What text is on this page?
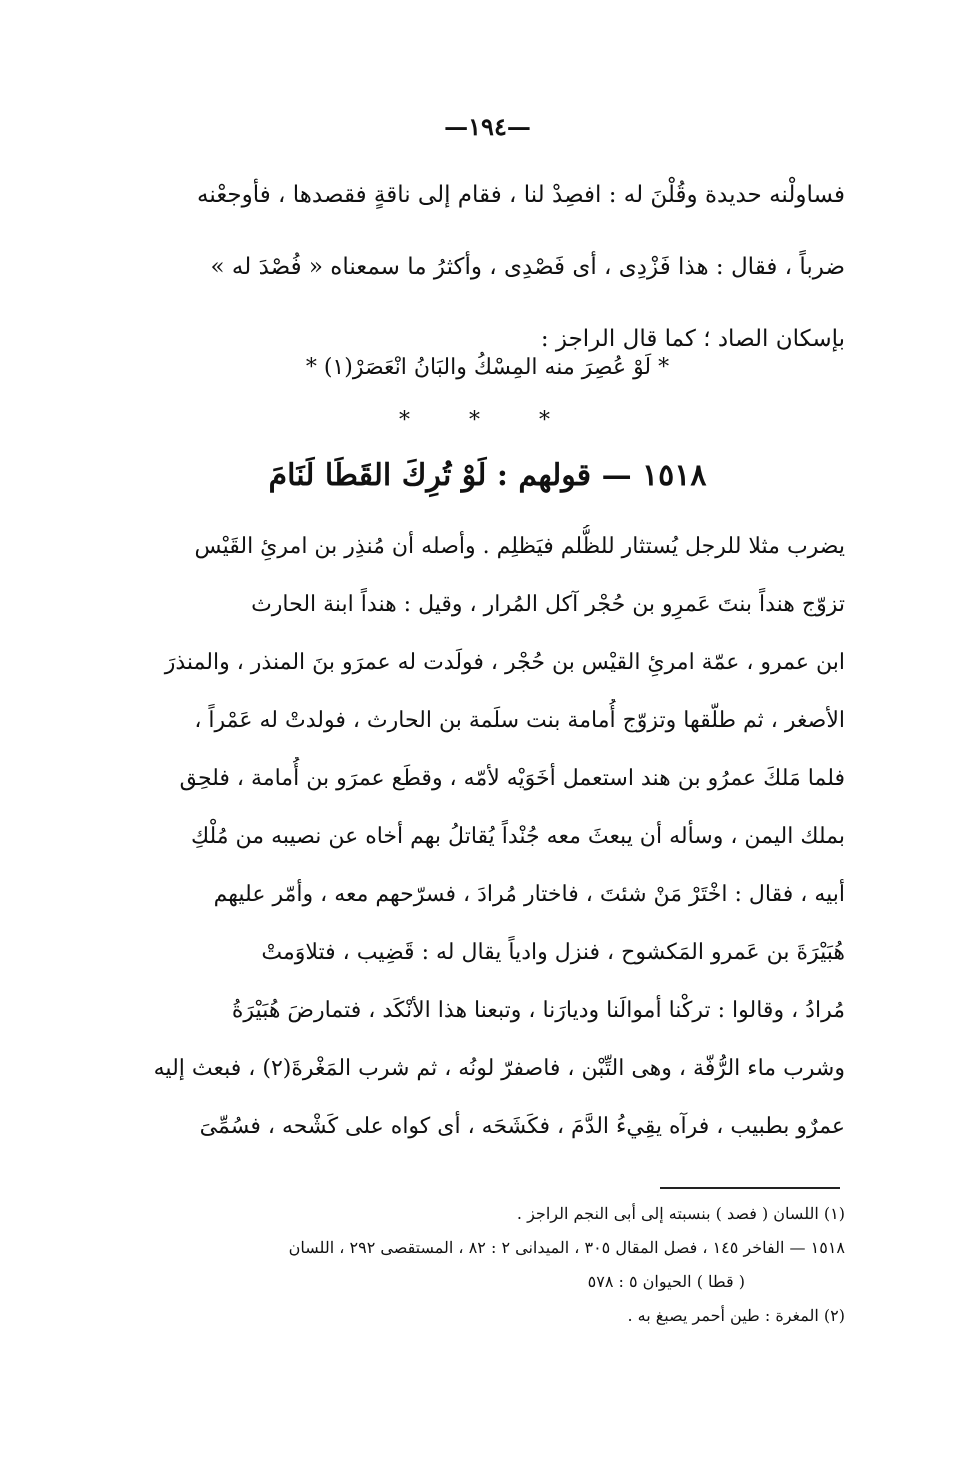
—١٩٤—
فساولْنه حديدة وقُلْنَ له : افصِدْ لنا ، فقام إلى ناقةٍ فقصدها ، فأوجعْنه
ضرباً ، فقال : هذا فَزْدِى ، أى فَصْدِى ، وأكثرُ ما سمعناه « فُصْدَ له »
بإسكان الصاد ؛ كما قال الراجز :
* لَوْ عُصِرَ منه المِسْكُ والبَانُ انْعَصَرْ(١) *
* * *
١٥١٨ — قولهم : لَوْ تُرِكَ القَطَا لَنَامَ
يضرب مثلا للرجل يُستثار للظُّلم فيَظلِم . وأصله أن مُنذِر بن امرئِ القَيْس
تزوّج هنداً بنتَ عَمرِو بن حُجْر آكل المُرار ، وقيل : هنداً ابنة الحارث
ابن عمرو ، عمّة امرئِ القيْس بن حُجْر ، فولَدت له عمرَو بنَ المنذر ، والمنذرَ
الأصغر ، ثم طلّقها وتزوّج أُمامة بنت سلَمة بن الحارث ، فولدتْ له عَمْراً ،
فلما مَلكَ عمرُو بن هند استعمل أخَوَيْه لأمّه ، وقطَع عمرَو بن أُمامة ، فلحِق
بملك اليمن ، وسأله أن يبعثَ معه جُنْداً يُقاتلُ بهم أخاه عن نصيبه من مُلْكِ
أبيه ، فقال : اخْتَرْ مَنْ شئتَ ، فاختار مُرادَ ، فسرّحهم معه ، وأمّر عليهم
هُبَيْرَةَ بن عَمرو المَكشوح ، فنزل وادياً يقال له : قَضِيب ، فتلاوَمتْ
مُرادُ ، وقالوا : تركْنا أموالَنا وديارَنا ، وتبعنا هذا الأنْكَد ، فتمارضَ هُبَيْرَةُ
وشرب ماء الرُّفّة ، وهى التِّبْن ، فاصفرّ لونُه ، ثم شرب المَغْرةَ(٢) ، فبعث إليه
عمرٌو بطبيب ، فرآه يقِيءُ الدَّمَ ، فكَشَحَه ، أى كواه على كَشْحه ، فسُمِّىَ
(١) اللسان ( فصد ) بنسبته إلى أبى النجم الراجز .
١٥١٨ — الفاخر ١٤٥ ، فصل المقال ٣٠٥ ، الميدانى ٢ : ٨٢ ، المستقصى ٢٩٢ ، اللسان
( قطا ) الحيوان ٥ : ٥٧٨
(٢) المغرة : طين أحمر يصبغ به .
